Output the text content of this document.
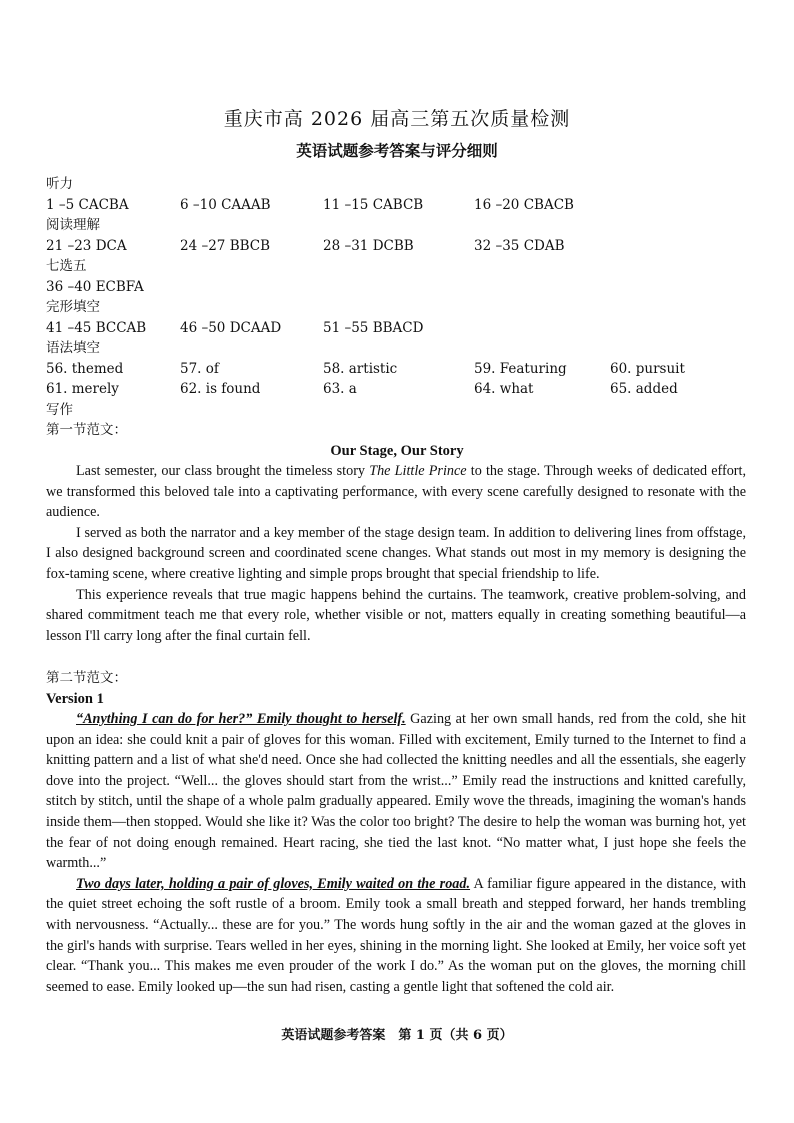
重庆市高 2026 届高三第五次质量检测
英语试题参考答案与评分细则
听力
1 –5 CACBA	6 –10 CAAAB	11 –15 CABCB	16 –20 CBACB
阅读理解
21 –23 DCA	24 –27 BBCB	28 –31 DCBB	32 –35 CDAB
七选五
36 –40 ECBFA
完形填空
41 –45 BCCAB	46 –50 DCAAD	51 –55 BBACD
语法填空
56. themed	57. of	58. artistic	59. Featuring	60. pursuit
61. merely	62. is found	63. a	64. what	65. added
写作
第一节范文：
Our Stage, Our Story

Last semester, our class brought the timeless story The Little Prince to the stage. Through weeks of dedicated effort, we transformed this beloved tale into a captivating performance, with every scene carefully designed to resonate with the audience.

I served as both the narrator and a key member of the stage design team. In addition to delivering lines from offstage, I also designed background screen and coordinated scene changes. What stands out most in my memory is designing the fox-taming scene, where creative lighting and simple props brought that special friendship to life.

This experience reveals that true magic happens behind the curtains. The teamwork, creative problem-solving, and shared commitment teach me that every role, whether visible or not, matters equally in creating something beautiful—a lesson I'll carry long after the final curtain fell.

第二节范文：
Version 1

“Anything I can do for her?” Emily thought to herself. Gazing at her own small hands, red from the cold, she hit upon an idea: she could knit a pair of gloves for this woman. Filled with excitement, Emily turned to the Internet to find a knitting pattern and a list of what she'd need. Once she had collected the knitting needles and all the essentials, she eagerly dove into the project. “Well... the gloves should start from the wrist...” Emily read the instructions and knitted carefully, stitch by stitch, until the shape of a whole palm gradually appeared. Emily wove the threads, imagining the woman's hands inside them—then stopped. Would she like it? Was the color too bright? The desire to help the woman was burning hot, yet the fear of not doing enough remained. Heart racing, she tied the last knot. “No matter what, I just hope she feels the warmth...”

Two days later, holding a pair of gloves, Emily waited on the road. A familiar figure appeared in the distance, with the quiet street echoing the soft rustle of a broom. Emily took a small breath and stepped forward, her hands trembling with nervousness. “Actually... these are for you.” The words hung softly in the air and the woman gazed at the gloves in the girl's hands with surprise. Tears welled in her eyes, shining in the morning light. She looked at Emily, her voice soft yet clear. “Thank you... This makes me even prouder of the work I do.” As the woman put on the gloves, the morning chill seemed to ease. Emily looked up—the sun had risen, casting a gentle light that softened the cold air.

英语试题参考答案　第 1 页（共 6 页）
